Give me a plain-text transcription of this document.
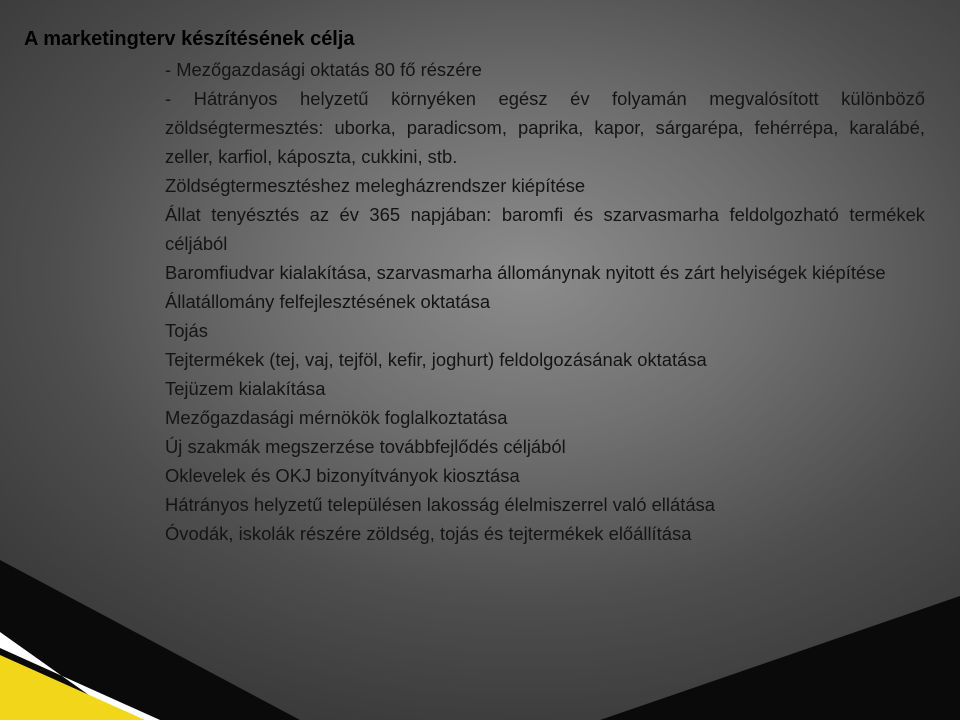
A marketingterv készítésének célja

- Mezőgazdasági oktatás 80 fő részére

- Hátrányos helyzetű környéken egész év folyamán megvalósított különböző zöldségtermesztés: uborka, paradicsom, paprika, kapor, sárgarépa, fehérrépa, karalábé, zeller, karfiol, káposzta, cukkini, stb.

Zöldségtermesztéshez melegházrendszer kiépítése

Állat tenyésztés az év 365 napjában: baromfi és szarvasmarha feldolgozható termékek céljából

Baromfiudvar kialakítása, szarvasmarha állománynak nyitott és zárt helyiségek kiépítése

Állatállomány felfejlesztésének oktatása

Tojás

Tejtermékek (tej, vaj, tejföl, kefir, joghurt) feldolgozásának oktatása

Tejüzem kialakítása

Mezőgazdasági mérnökök foglalkoztatása

Új szakmák megszerzése továbbfejlődés céljából

Oklevelek és OKJ bizonyítványok kiosztása

Hátrányos helyzetű településen lakosság élelmiszerrel való ellátása

Óvodák, iskolák részére zöldség, tojás és tejtermékek előállítása
